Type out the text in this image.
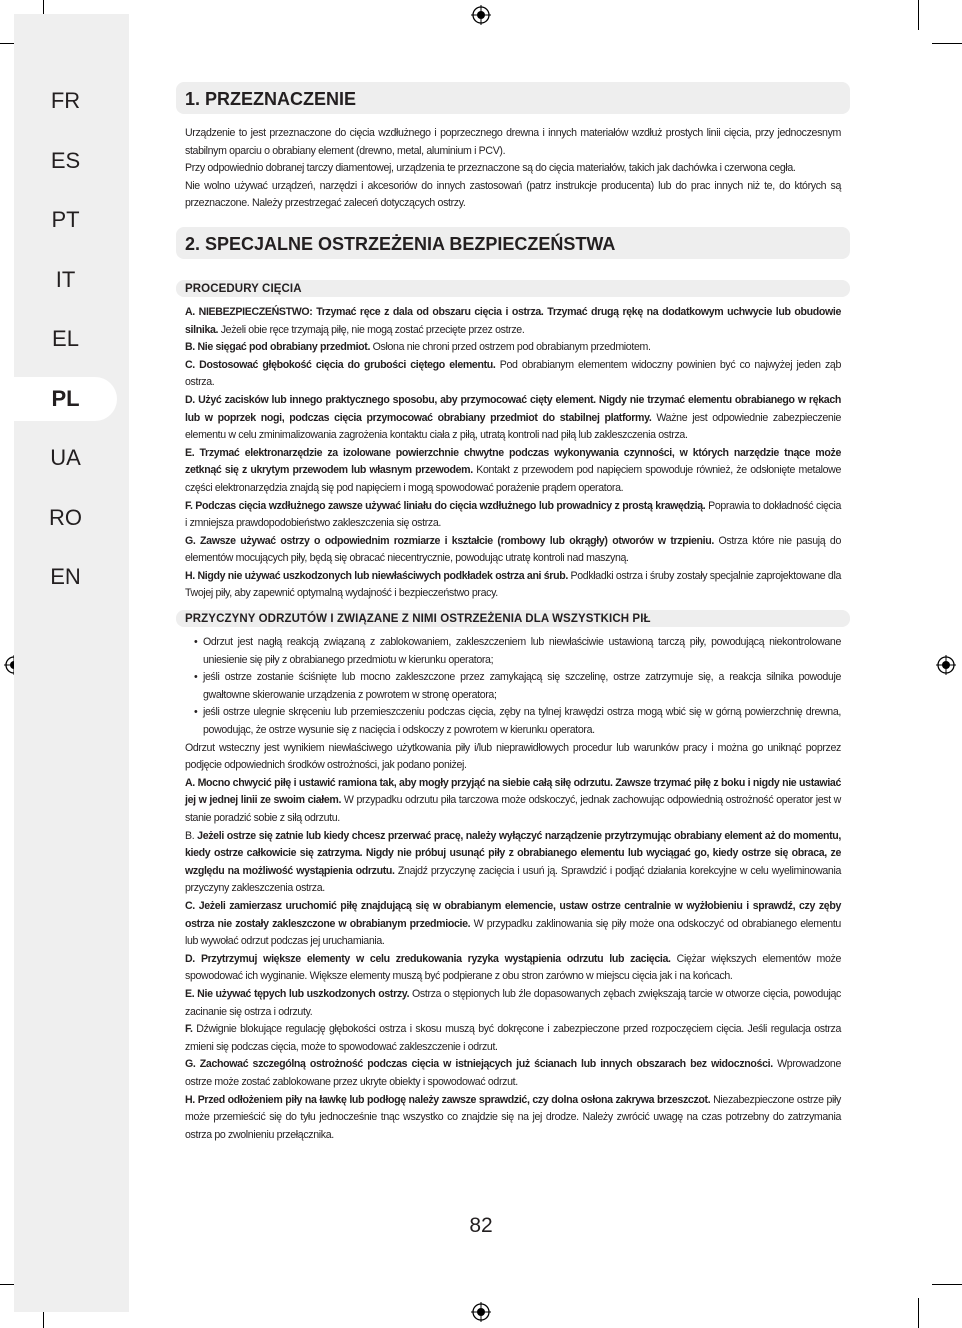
FR
ES
PT
IT
EL
PL
UA
RO
EN
1. PRZEZNACZENIE

Urządzenie to jest przeznaczone do cięcia wzdłużnego i poprzecznego drewna i innych materiałów wzdłuż prostych linii cięcia, przy jednoczesnym stabilnym oparciu o obrabiany element (drewno, metal, aluminium i PCV).

Przy odpowiednio dobranej tarczy diamentowej, urządzenia te przeznaczone są do cięcia materiałów, takich jak dachówka i czerwona cegła.

Nie wolno używać urządzeń, narzędzi i akcesoriów do innych zastosowań (patrz instrukcje producenta) lub do prac innych niż te, do których są przeznaczone. Należy przestrzegać zaleceń dotyczących ostrzy.

2. SPECJALNE OSTRZEŻENIA BEZPIECZEŃSTWA
PROCEDURY CIĘCIA

A. NIEBEZPIECZEŃSTWO: Trzymać ręce z dala od obszaru cięcia i ostrza. Trzymać drugą rękę na dodatkowym uchwycie lub obudowie silnika. Jeżeli obie ręce trzymają piłę, nie mogą zostać przecięte przez ostrze.

B. Nie sięgać pod obrabiany przedmiot. Osłona nie chroni przed ostrzem pod obrabianym przedmiotem.

C. Dostosować głębokość cięcia do grubości ciętego elementu. Pod obrabianym elementem widoczny powinien być co najwyżej jeden ząb ostrza.

D. Użyć zacisków lub innego praktycznego sposobu, aby przymocować cięty element. Nigdy nie trzymać elementu obrabianego w rękach lub w poprzek nogi, podczas cięcia przymocować obrabiany przedmiot do stabilnej platformy. Ważne jest odpowiednie zabezpieczenie elementu w celu zminimalizowania zagrożenia kontaktu ciała z piłą, utratą kontroli nad piłą lub zakleszczenia ostrza.

E. Trzymać elektronarzędzie za izolowane powierzchnie chwytne podczas wykonywania czynności, w których narzędzie tnące może zetknąć się z ukrytym przewodem lub własnym przewodem. Kontakt z przewodem pod napięciem spowoduje również, że odsłonięte metalowe części elektronarzędzia znajdą się pod napięciem i mogą spowodować porażenie prądem operatora.

F. Podczas cięcia wzdłużnego zawsze używać liniału do cięcia wzdłużnego lub prowadnicy z prostą krawędzią. Poprawia to dokładność cięcia i zmniejsza prawdopodobieństwo zakleszczenia się ostrza.

G. Zawsze używać ostrzy o odpowiednim rozmiarze i kształcie (rombowy lub okrągły) otworów w trzpieniu. Ostrza które nie pasują do elementów mocujących piły, będą się obracać niecentrycznie, powodując utratę kontroli nad maszyną.

H. Nigdy nie używać uszkodzonych lub niewłaściwych podkładek ostrza ani śrub. Podkładki ostrza i śruby zostały specjalnie zaprojektowane dla Twojej piły, aby zapewnić optymalną wydajność i bezpieczeństwo pracy.

PRZYCZYNY ODRZUTÓW I ZWIĄZANE Z NIMI OSTRZEŻENIA DLA WSZYSTKICH PIŁ

• Odrzut jest nagłą reakcją związaną z zablokowaniem, zakleszczeniem lub niewłaściwie ustawioną tarczą piły, powodującą niekontrolowane uniesienie się piły z obrabianego przedmiotu w kierunku operatora;

• jeśli ostrze zostanie ściśnięte lub mocno zakleszczone przez zamykającą się szczelinę, ostrze zatrzymuje się, a reakcja silnika powoduje gwałtowne skierowanie urządzenia z powrotem w stronę operatora;

• jeśli ostrze ulegnie skręceniu lub przemieszczeniu podczas cięcia, zęby na tylnej krawędzi ostrza mogą wbić się w górną powierzchnię drewna, powodując, że ostrze wysunie się z nacięcia i odskoczy z powrotem w kierunku operatora.

Odrzut wsteczny jest wynikiem niewłaściwego użytkowania piły i/lub nieprawidłowych procedur lub warunków pracy i można go uniknąć poprzez podjęcie odpowiednich środków ostrożności, jak podano poniżej.

A. Mocno chwycić piłę i ustawić ramiona tak, aby mogły przyjąć na siebie całą siłę odrzutu. Zawsze trzymać piłę z boku i nigdy nie ustawiać jej w jednej linii ze swoim ciałem. W przypadku odrzutu piła tarczowa może odskoczyć, jednak zachowując odpowiednią ostrożność operator jest w stanie poradzić sobie z siłą odrzutu.

B. Jeżeli ostrze się zatnie lub kiedy chcesz przerwać pracę, należy wyłączyć narządzenie przytrzymując obrabiany element aż do momentu, kiedy ostrze całkowicie się zatrzyma. Nigdy nie próbuj usunąć piły z obrabianego elementu lub wyciągać go, kiedy ostrze się obraca, ze względu na możliwość wystąpienia odrzutu. Znajdź przyczynę zacięcia i usuń ją. Sprawdzić i podjąć działania korekcyjne w celu wyeliminowania przyczyny zakleszczenia ostrza.

C. Jeżeli zamierzasz uruchomić piłę znajdującą się w obrabianym elemencie, ustaw ostrze centralnie w wyżłobieniu i sprawdź, czy zęby ostrza nie zostały zakleszczone w obrabianym przedmiocie. W przypadku zaklinowania się piły może ona odskoczyć od obrabianego elementu lub wywołać odrzut podczas jej uruchamiania.

D. Przytrzymuj większe elementy w celu zredukowania ryzyka wystąpienia odrzutu lub zacięcia. Ciężar większych elementów może spowodować ich wyginanie. Większe elementy muszą być podpierane z obu stron zarówno w miejscu cięcia jak i na końcach.

E. Nie używać tępych lub uszkodzonych ostrzy. Ostrza o stępionych lub źle dopasowanych zębach zwiększają tarcie w otworze cięcia, powodując zacinanie się ostrza i odrzuty.

F. Dźwignie blokujące regulację głębokości ostrza i skosu muszą być dokręcone i zabezpieczone przed rozpoczęciem cięcia. Jeśli regulacja ostrza zmieni się podczas cięcia, może to spowodować zakleszczenie i odrzut.

G. Zachować szczególną ostrożność podczas cięcia w istniejących już ścianach lub innych obszarach bez widoczności. Wprowadzone ostrze może zostać zablokowane przez ukryte obiekty i spowodować odrzut.

H. Przed odłożeniem piły na ławkę lub podłogę należy zawsze sprawdzić, czy dolna osłona zakrywa brzeszczot. Niezabezpieczone ostrze piły może przemieścić się do tyłu jednocześnie tnąc wszystko co znajdzie się na jej drodze. Należy zwrócić uwagę na czas potrzebny do zatrzymania ostrza po zwolnieniu przełącznika.

82
